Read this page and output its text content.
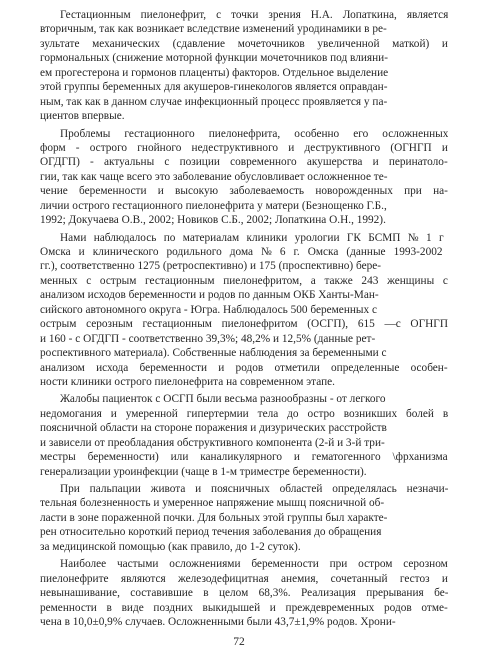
Гестационным пиелонефрит, с точки зрения Н.А. Лопаткина, является
вторичным, так как возникает вследствие изменений уродинамики в ре-
зультате механических (сдавление мочеточников увеличенной маткой) и
гормональных (снижение моторной функции мочеточников под влияни-
ем прогестерона и гормонов плаценты) факторов. Отдельное выделение
этой группы беременных для акушеров-гинекологов является оправдан-
ным, так как в данном случае инфекционный процесс проявляется у па-
циентов впервые.
Проблемы гестационного пиелонефрита, особенно его осложненных
форм - острого гнойного недеструктивного и деструктивного (ОГНГП и
ОГДГП) - актуальны с позиции современного акушерства и перинатоло-
гии, так как чаще всего это заболевание обусловливает осложненное те-
чение беременности и высокую заболеваемость новорожденных при на-
личии острого гестационного пиелонефрита у матери (Безнощенко Г.Б.,
1992; Докучаева О.В., 2002; Новиков С.Б., 2002; Лопаткина О.Н., 1992).
Нами наблюдалось по материалам клиники урологии ГК БСМП № 1 г
Омска и клинического родильного дома № 6 г. Омска (данные 1993-2002
гг.), соответственно 1275 (ретроспективно) и 175 (проспективно) бере-
менных с острым гестационным пиелонефритом, а также 243 женщины с
анализом исходов беременности и родов по данным ОКБ Ханты-Ман-
сийского автономного округа - Югра. Наблюдалось 500 беременных с
острым серозным гестационным пиелонефритом (ОСГП), 615 —с ОГНГП
и 160 - с ОГДГП - соответственно 39,3%; 48,2% и 12,5% (данные рет-
роспективного материала). Собственные наблюдения за беременными с
анализом исхода беременности и родов отметили определенные особен-
ности клиники острого пиелонефрита на современном этапе.
Жалобы пациенток с ОСГП были весьма разнообразны - от легкого
недомогания и умеренной гипертермии тела до остро возникших болей в
поясничной области на стороне поражения и дизурических расстройств
и зависели от преобладания обструктивного компонента (2-й и 3-й три-
местры беременности) или каналикулярного и гематогенного \фрханизма
генерализации уроинфекции (чаще в 1-м триместре беременности).
При пальпации живота и поясничных областей определялась незначи-
тельная болезненность и умеренное напряжение мышц поясничной об-
ласти в зоне пораженной почки. Для больных этой группы был характе-
рен относительно короткий период течения заболевания до обращения
за медицинской помощью (как правило, до 1-2 суток).
Наиболее частыми осложнениями беременности при остром серозном
пиелонефрите являются железодефицитная анемия, сочетанный гестоз и
невынашивание, составившие в целом 68,3%. Реализация прерывания бе-
ременности в виде поздних выкидышей и преждевременных родов отме-
чена в 10,0±0,9% случаев. Осложненными были 43,7±1,9% родов. Хрони-
72
